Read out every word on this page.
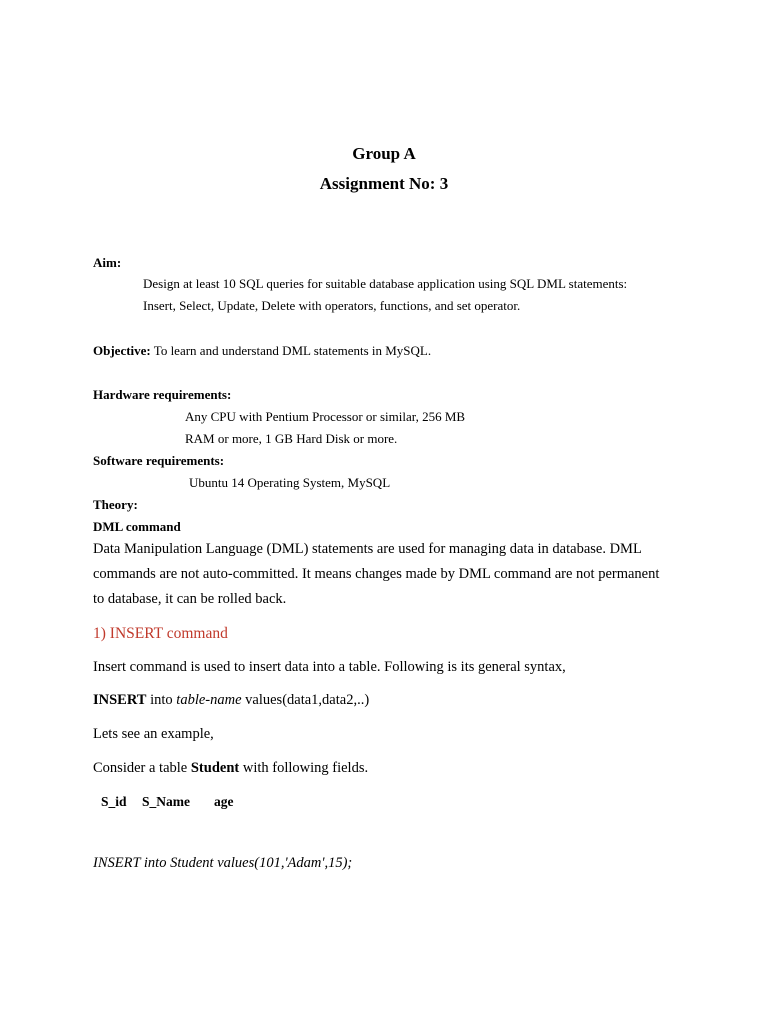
Group A
Assignment No: 3
Aim:
Design at least 10 SQL queries for suitable database application using SQL DML statements:
Insert, Select, Update, Delete with operators, functions, and set operator.
Objective: To learn and understand DML statements in MySQL.
Hardware requirements:
Any CPU with Pentium Processor or similar, 256 MB
RAM or more, 1 GB Hard Disk or more.
Software requirements:
Ubuntu 14 Operating System, MySQL
Theory:
DML command
Data Manipulation Language (DML) statements are used for managing data in database. DML
commands are not auto-committed. It means changes made by DML command are not permanent
to database, it can be rolled back.
1) INSERT command
Insert command is used to insert data into a table. Following is its general syntax,
INSERT into table-name values(data1,data2,..)
Lets see an example,
Consider a table Student with following fields.
S_id S_Name age
INSERT into Student values(101,'Adam',15);
